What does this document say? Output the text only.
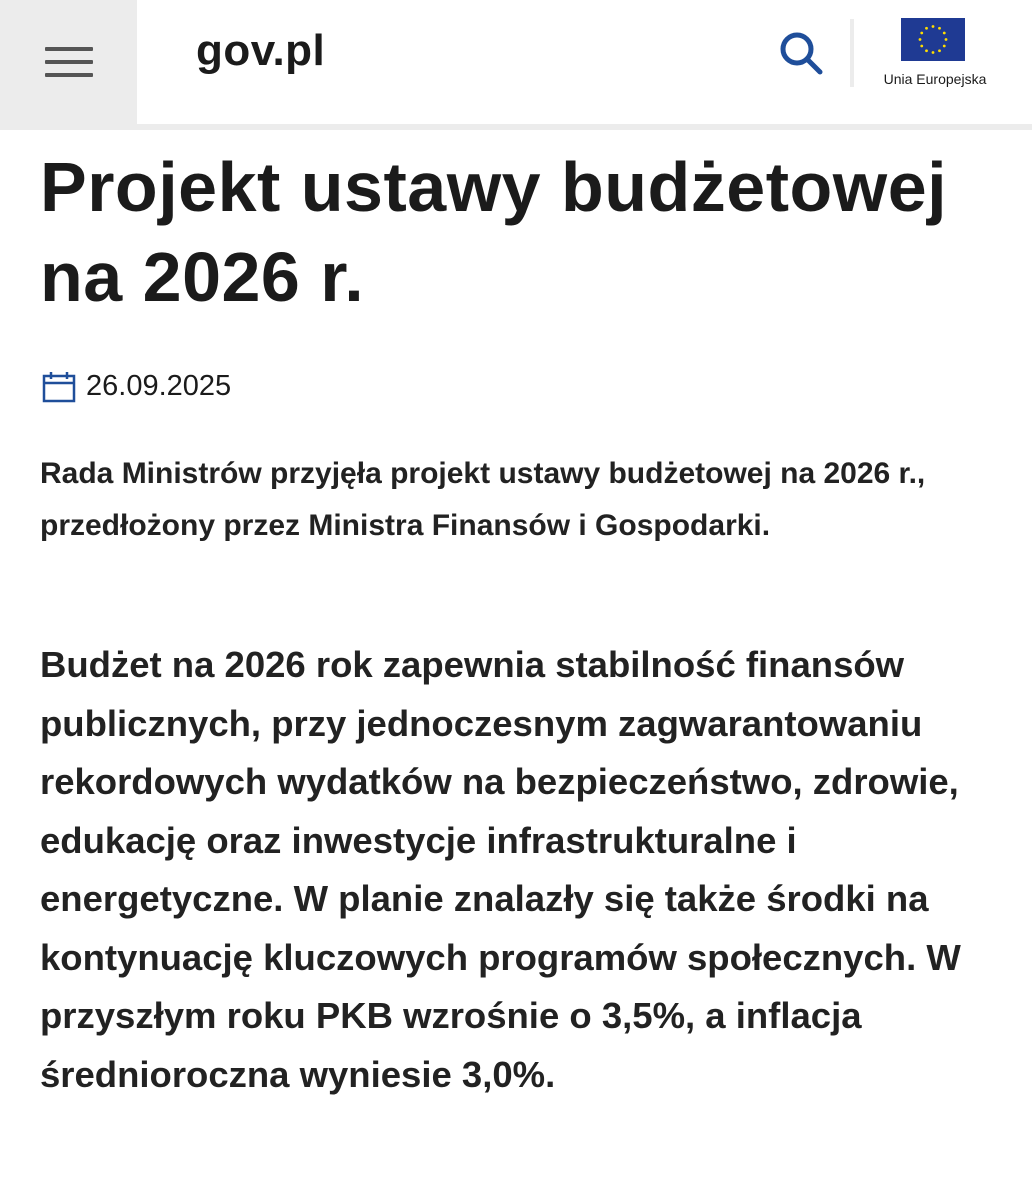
gov.pl
Unia Europejska
Projekt ustawy budżetowej na 2026 r.
26.09.2025

Rada Ministrów przyjęła projekt ustawy budżetowej na 2026 r., przedłożony przez Ministra Finansów i Gospodarki.

Budżet na 2026 rok zapewnia stabilność finansów publicznych, przy jednoczesnym zagwarantowaniu rekordowych wydatków na bezpieczeństwo, zdrowie, edukację oraz inwestycje infrastrukturalne i energetyczne. W planie znalazły się także środki na kontynuację kluczowych programów społecznych. W przyszłym roku PKB wzrośnie o 3,5%, a inflacja średnioroczna wyniesie 3,0%.
